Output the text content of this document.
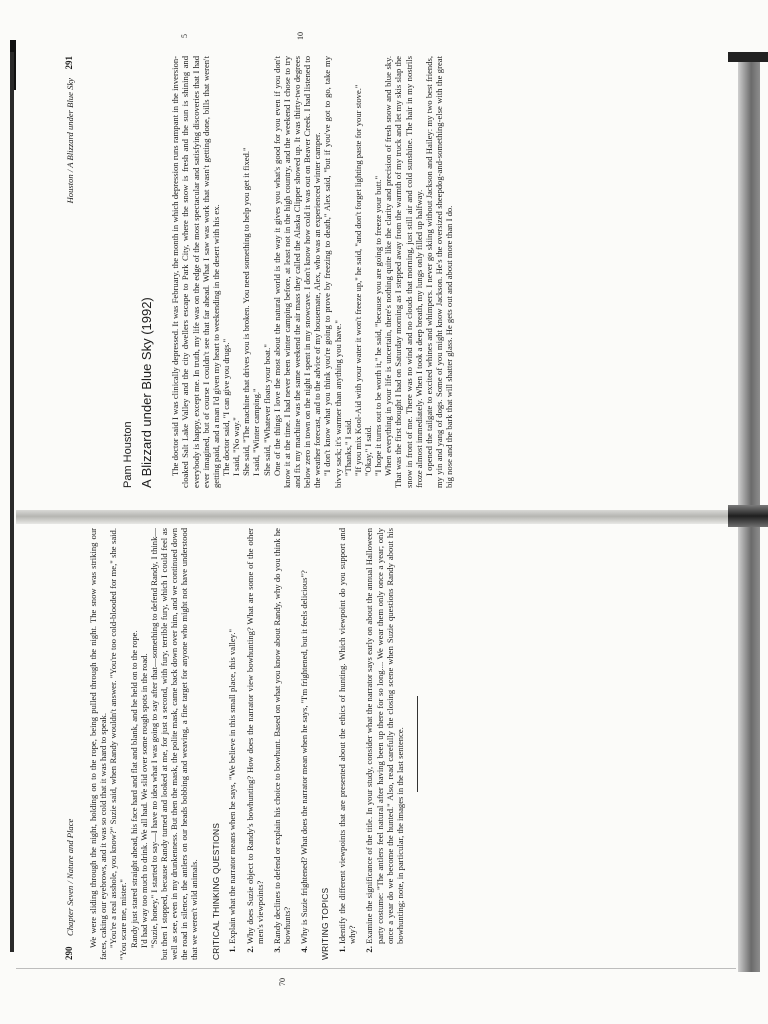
Houston / A Blizzard under Blue Sky
291
Pam Houston A Blizzard under Blue Sky (1992)
5	10

The doctor said I was clinically depressed. It was February, the month in which depression runs rampant in the inversion-cloaked Salt Lake Valley and the city dwellers escape to Park City, where the snow is fresh and the sun is shining and everybody is happy, except me. In truth, my life was on the edge of the most spectacular and satisfying discoveries that I had ever imagined, but of course I couldn't see that far ahead. What I saw was work that wasn't getting done, bills that weren't getting paid, and a man I'd given my heart to weekending in the desert with his ex. The doctor said, "I can give you drugs." I said, "No way." She said, "The machine that drives you is broken. You need something to help you get it fixed." I said, "Winter camping." She said, "Whatever floats your boat." One of the things I love the most about the natural world is the way it gives you what's good for you even if you don't know it at the time. I had never been winter camping before, at least not in the high country, and the weekend I chose to try and fix my machine was the same weekend the air mass they called the Alaska Clipper showed up. It was thirty-two degrees below zero in town on the night I spent in my snowcave. I don't know how cold it was out on Beaver Creek. I had listened to the weather forecast, and to the advice of my housemate, Alex, who was an experienced winter camper. "I don't know what you think you're going to prove by freezing to death," Alex said, "but if you've got to go, take my bivvy sack; it's warmer than anything you have." "Thanks," I said. "If you mix Kool-Aid with your water it won't freeze up," he said, "and don't forget lighting paste for your stove." "Okay," I said. "I hope it turns out to be worth it," he said, "because you are going to freeze your butt." When everything in your life is uncertain, there's nothing quite like the clarity and precision of fresh snow and blue sky. That was the first thought I had on Saturday morning as I stepped away from the warmth of my truck and let my skis slap the snow in front of me. There was no wind and no clouds that morning, just still air and cold sunshine. The hair in my nostrils froze almost immediately. When I took a deep breath, my lungs only filled up halfway. I opened the tailgate to excited whines and whimpers. I never go skiing without Jackson and Hailey: my two best friends, my yin and yang of dogs. Some of you might know Jackson. He's the oversized sheepdog-and-something-else with the great big nose and the bark that will shatter glass. He gets out and about more than I do.

290
Chapter Seven / Nature and Place
70

We were sliding through the night, holding on to the rope, being pulled through the night. The snow was striking our faces, caking our eyebrows, and it was so cold that it was hard to speak. "You're a real asshole, you know?" Suzie said, when Randy wouldn't answer. "You're too cold-blooded for me," she said. "You scare me, mister." Randy just stared straight ahead, his face hard and flat and blank, and he held on to the rope. I'd had way too much to drink. We all had. We slid over some rough spots in the road. "Suzie, honey," I started to say—I have no idea what I was going to say after that—something to defend Randy, I think—but then I stopped, because Randy turned and looked at me, for just a second, with fury, terrible fury, which I could feel as well as see, even in my drunkenness. But then the mask, the polite mask, came back down over him, and we continued down the road in silence, the antlers on our heads bobbing and weaving, a fine target for anyone who might not have understood that we weren't wild animals. CRITICAL THINKING QUESTIONS 1. Explain what the narrator means when he says, "We believe in this small place, this valley." 2. Why does Suzie object to Randy's bowhunting? How does the narrator view bowhunting? What are some of the other men's viewpoints? 3. Randy declines to defend or explain his choice to bowhunt. Based on what you know about Randy, why do you think he bowhunts? 4. Why is Suzie frightened? What does the narrator mean when he says, "I'm frightened, but it feels delicious"? WRITING TOPICS 1. Identify the different viewpoints that are presented about the ethics of hunting. Which viewpoint do you support and why? 2. Examine the significance of the title. In your study, consider what the narrator says early on about the annual Halloween party costume: "The antlers feel natural after having been up there for so long.... We wear them only once a year; only once a year do we become the hunted." Also, read carefully the closing scene when Suzie questions Randy about his bowhunting; note, in particular, the images in the last sentence.
